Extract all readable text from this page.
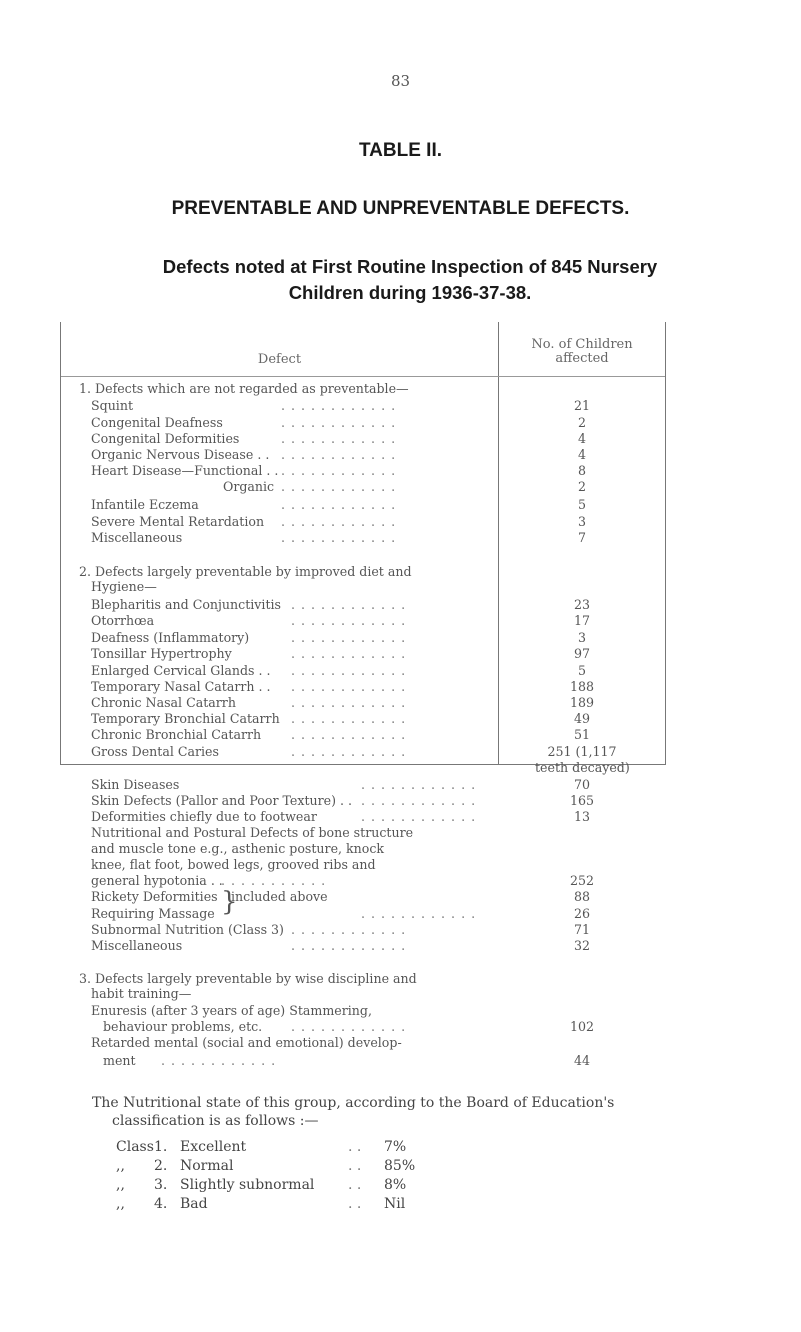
83
TABLE II.
PREVENTABLE AND UNPREVENTABLE DEFECTS.
Defects noted at First Routine Inspection of 845 Nursery
Children during 1936-37-38.
Defect
No. of Children
affected
1. Defects which are not regarded as preventable—
Squint	. . . . . . . . . . . .	21
Congenital Deafness	. . . . . . . . . . . .	2
Congenital Deformities	. . . . . . . . . . . .	4
Organic Nervous Disease . . . . . . . . . . . . . .	4
Heart Disease—Functional . . . . . . . . . . . . . .	8
Organic . . . . . . . . . . . .	2
Infantile Eczema	. . . . . . . . . . . .	5
Severe Mental Retardation . . . . . . . . . . . .	3
Miscellaneous	. . . . . . . . . . . .	7
2. Defects largely preventable by improved diet and
Hygiene—
Blepharitis and Conjunctivitis . . . . . . . . . . . .	23
Otorrhœa	. . . . . . . . . . . .	17
Deafness (Inflammatory)	. . . . . . . . . . . .	3
Tonsillar Hypertrophy	. . . . . . . . . . . .	97
Enlarged Cervical Glands . . . . . . . . . . . . . .	5
Temporary Nasal Catarrh . . . . . . . . . . . . . .	188
Chronic Nasal Catarrh	. . . . . . . . . . . .	189
Temporary Bronchial Catarrh . . . . . . . . . . . .	49
Chronic Bronchial Catarrh . . . . . . . . . . . .	51
Gross Dental Caries	. . . . . . . . . . . .	251 (1,117
teeth decayed)
Skin Diseases	. . . . . . . . . . . .	70
Skin Defects (Pallor and Poor Texture) . . . . . . . . . . . . . .	165
Deformities chiefly due to footwear	. . . . . . . . . . . .	13
Nutritional and Postural Defects of bone structure
and muscle tone e.g., asthenic posture, knock
knee, flat foot, bowed legs, grooved ribs and
general hypotonia . .
. . . . . . . . . . . .	252
Rickety Deformities included above	88
}
Requiring Massage	. . . . . . . . . . . .	26
Subnormal Nutrition (Class 3) . . . . . . . . . . . .	71
Miscellaneous	. . . . . . . . . . . .	32
3. Defects largely preventable by wise discipline and
habit training—
Enuresis (after 3 years of age) Stammering,
behaviour problems, etc. . . . . . . . . . . . .	102
Retarded mental (social and emotional) develop-
ment . . . . . . . . . . . .	44
The Nutritional state of this group, according to the Board of Education's
classification is as follows :—
Class1. Excellent	. . 7%
,, 2. Normal	. . 85%
,, 3. Slightly subnormal . . 8%
,, 4. Bad	. . Nil
